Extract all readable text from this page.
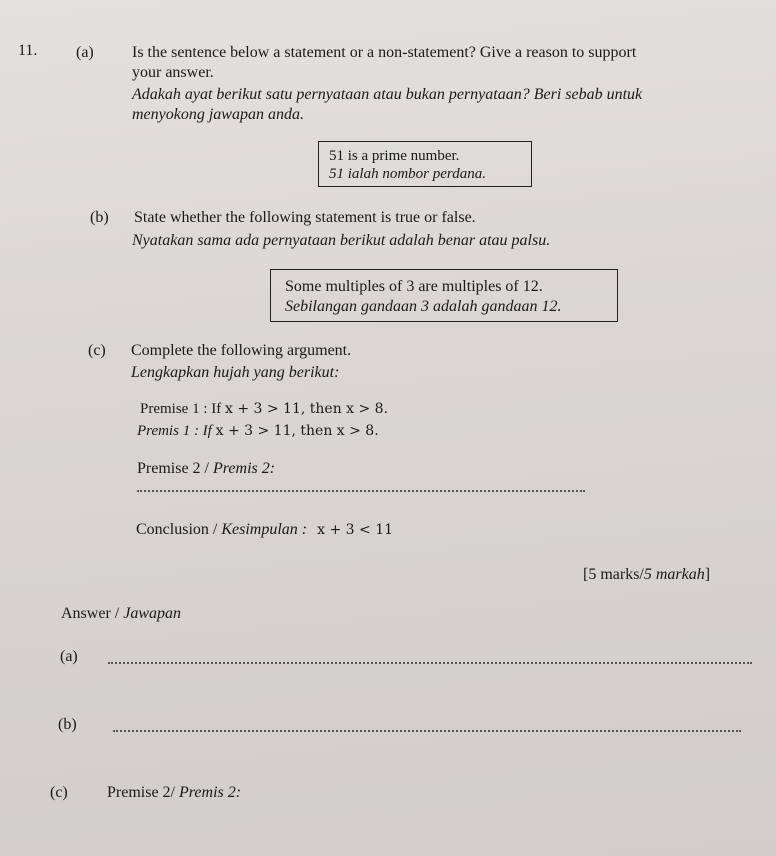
11. (a) Is the sentence below a statement or a non-statement? Give a reason to support
your answer.
Adakah ayat berikut satu pernyataan atau bukan pernyataan? Beri sebab untuk
menyokong jawapan anda.
51 is a prime number.
51 ialah nombor perdana.
(b) State whether the following statement is true or false.
Nyatakan sama ada pernyataan berikut adalah benar atau palsu.
Some multiples of 3 are multiples of 12.
Sebilangan gandaan 3 adalah gandaan 12.
(c) Complete the following argument.
Lengkapkan hujah yang berikut:
Premise 1 : If x + 3 > 11, then x > 8.
Premis 1 : If x + 3 > 11, then x > 8.
Premise 2 / Premis 2:
Conclusion / Kesimpulan : x + 3 < 11
[5 marks/5 markah]
Answer / Jawapan
(a)
(b)
(c) Premise 2/ Premis 2:
